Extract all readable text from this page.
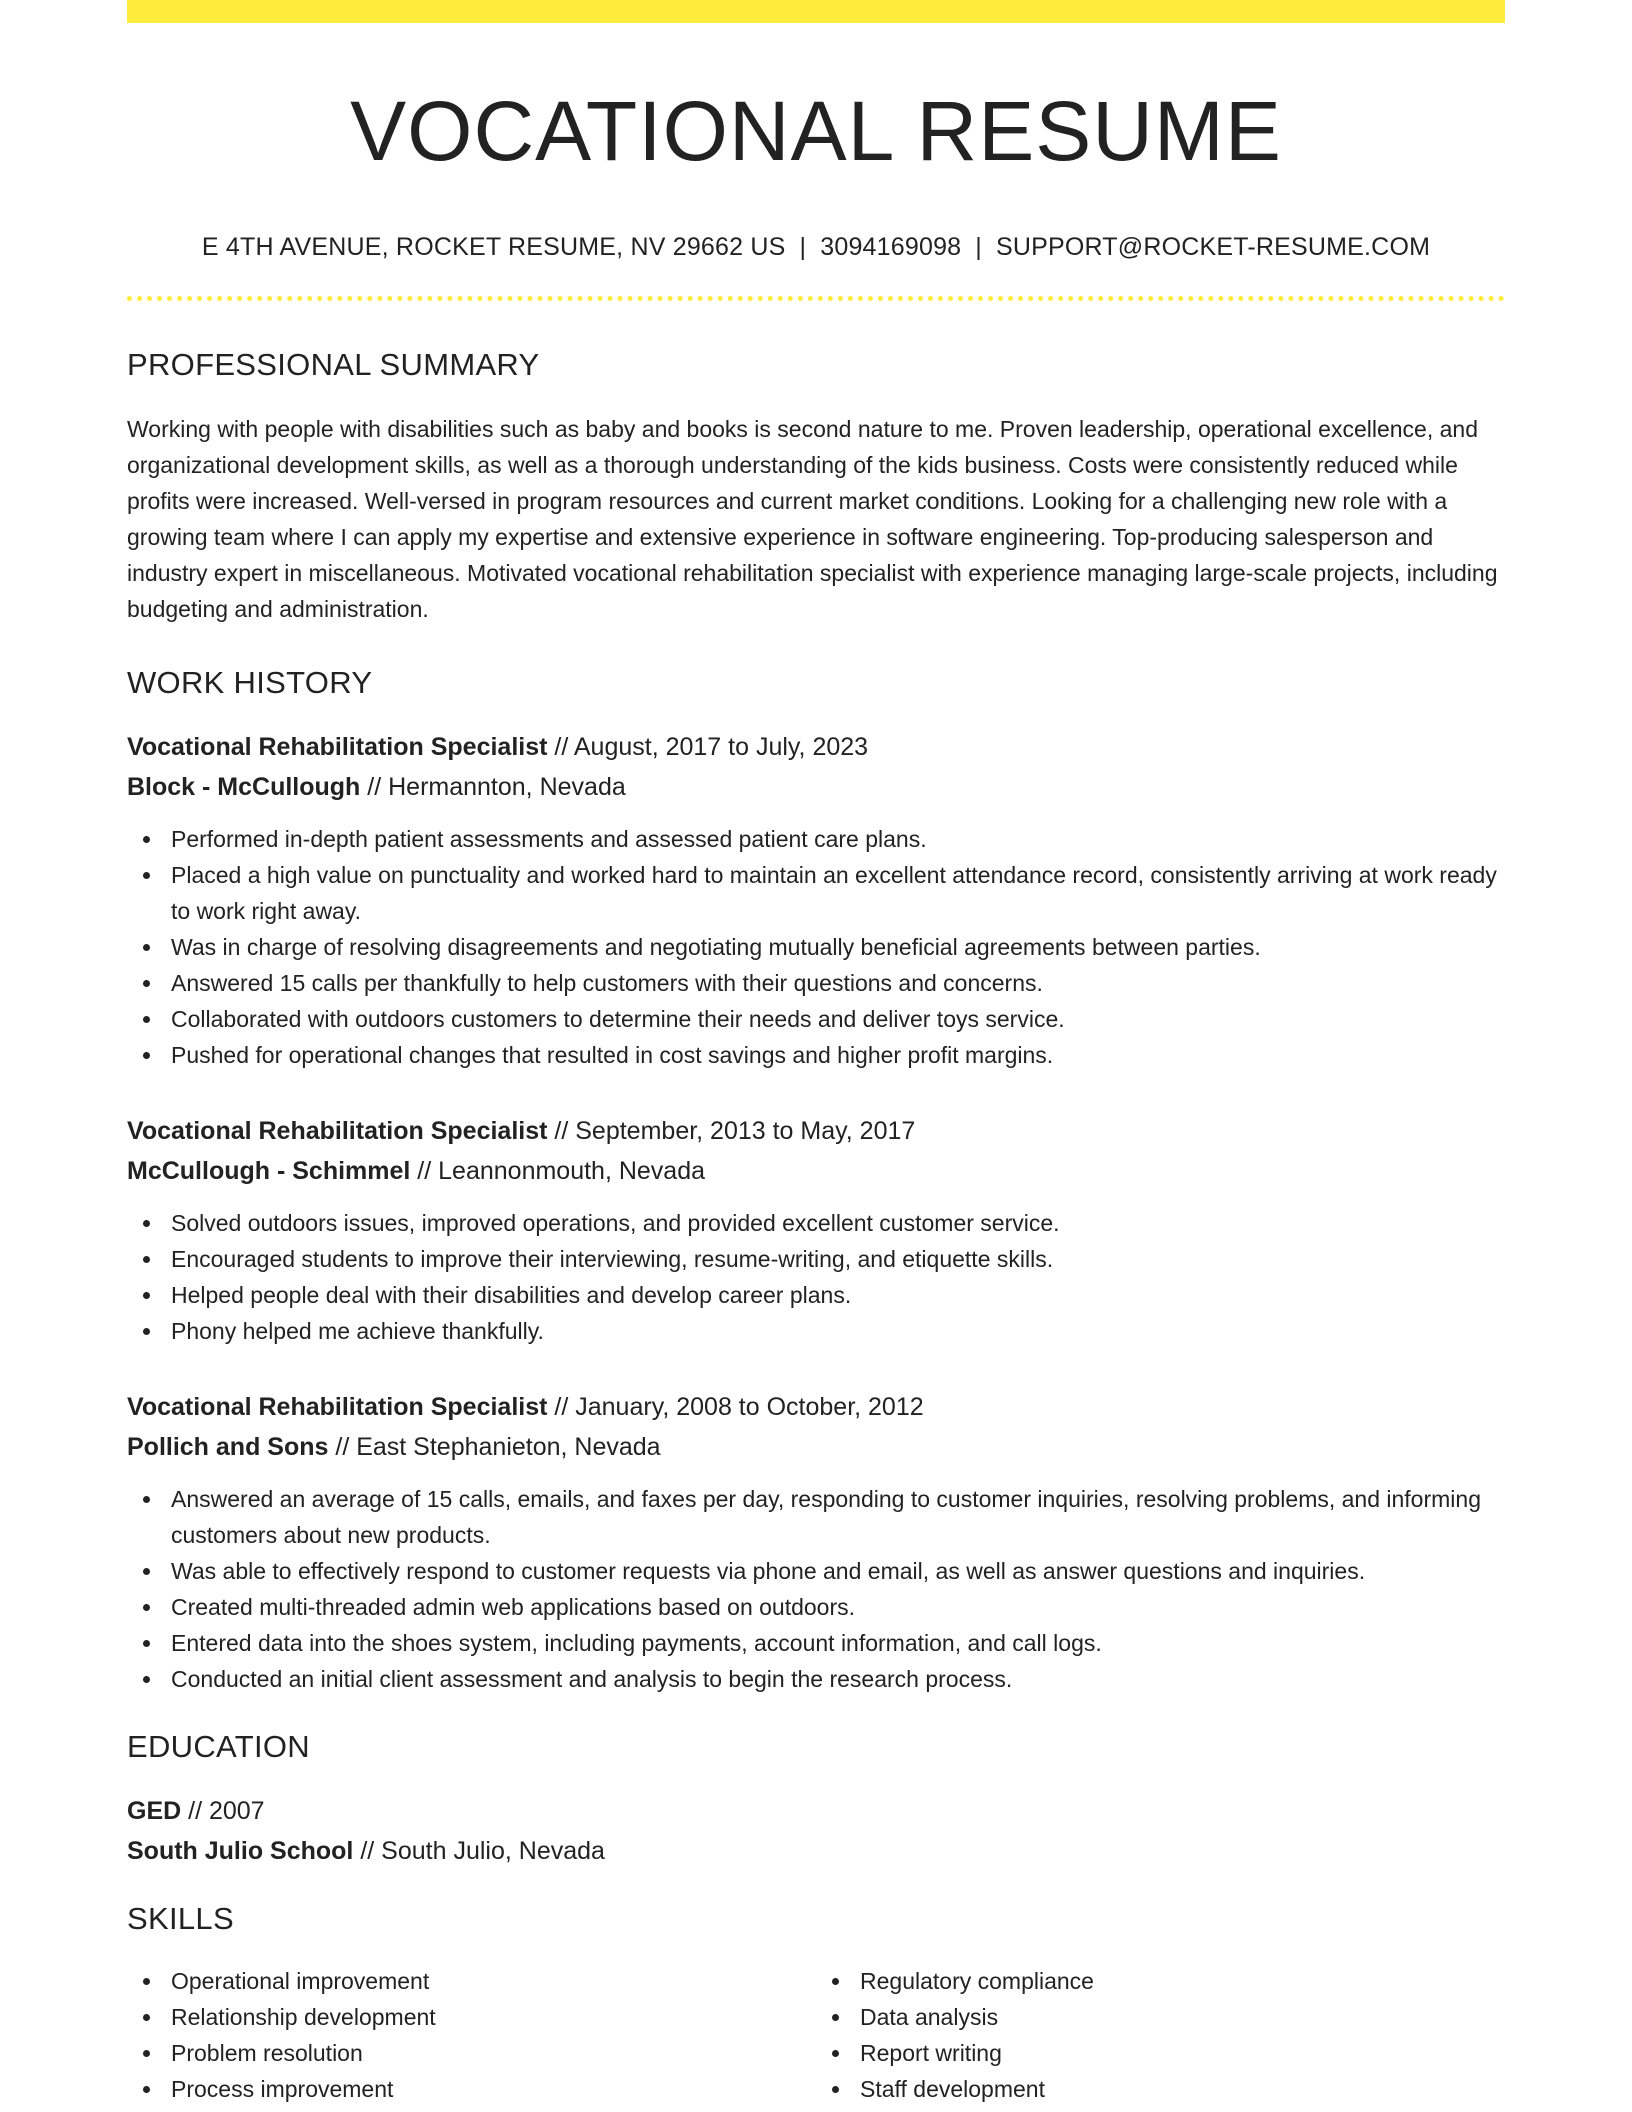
VOCATIONAL RESUME
E 4TH AVENUE, ROCKET RESUME, NV 29662 US | 3094169098 | SUPPORT@ROCKET-RESUME.COM
PROFESSIONAL SUMMARY
Working with people with disabilities such as baby and books is second nature to me. Proven leadership, operational excellence, and organizational development skills, as well as a thorough understanding of the kids business. Costs were consistently reduced while profits were increased. Well-versed in program resources and current market conditions. Looking for a challenging new role with a growing team where I can apply my expertise and extensive experience in software engineering. Top-producing salesperson and industry expert in miscellaneous. Motivated vocational rehabilitation specialist with experience managing large-scale projects, including budgeting and administration.
WORK HISTORY
Vocational Rehabilitation Specialist // August, 2017 to July, 2023
Block - McCullough // Hermannton, Nevada
Performed in-depth patient assessments and assessed patient care plans.
Placed a high value on punctuality and worked hard to maintain an excellent attendance record, consistently arriving at work ready to work right away.
Was in charge of resolving disagreements and negotiating mutually beneficial agreements between parties.
Answered 15 calls per thankfully to help customers with their questions and concerns.
Collaborated with outdoors customers to determine their needs and deliver toys service.
Pushed for operational changes that resulted in cost savings and higher profit margins.
Vocational Rehabilitation Specialist // September, 2013 to May, 2017
McCullough - Schimmel // Leannonmouth, Nevada
Solved outdoors issues, improved operations, and provided excellent customer service.
Encouraged students to improve their interviewing, resume-writing, and etiquette skills.
Helped people deal with their disabilities and develop career plans.
Phony helped me achieve thankfully.
Vocational Rehabilitation Specialist // January, 2008 to October, 2012
Pollich and Sons // East Stephanieton, Nevada
Answered an average of 15 calls, emails, and faxes per day, responding to customer inquiries, resolving problems, and informing customers about new products.
Was able to effectively respond to customer requests via phone and email, as well as answer questions and inquiries.
Created multi-threaded admin web applications based on outdoors.
Entered data into the shoes system, including payments, account information, and call logs.
Conducted an initial client assessment and analysis to begin the research process.
EDUCATION
GED // 2007
South Julio School // South Julio, Nevada
SKILLS
Operational improvement
Relationship development
Problem resolution
Process improvement
Regulatory compliance
Data analysis
Report writing
Staff development
